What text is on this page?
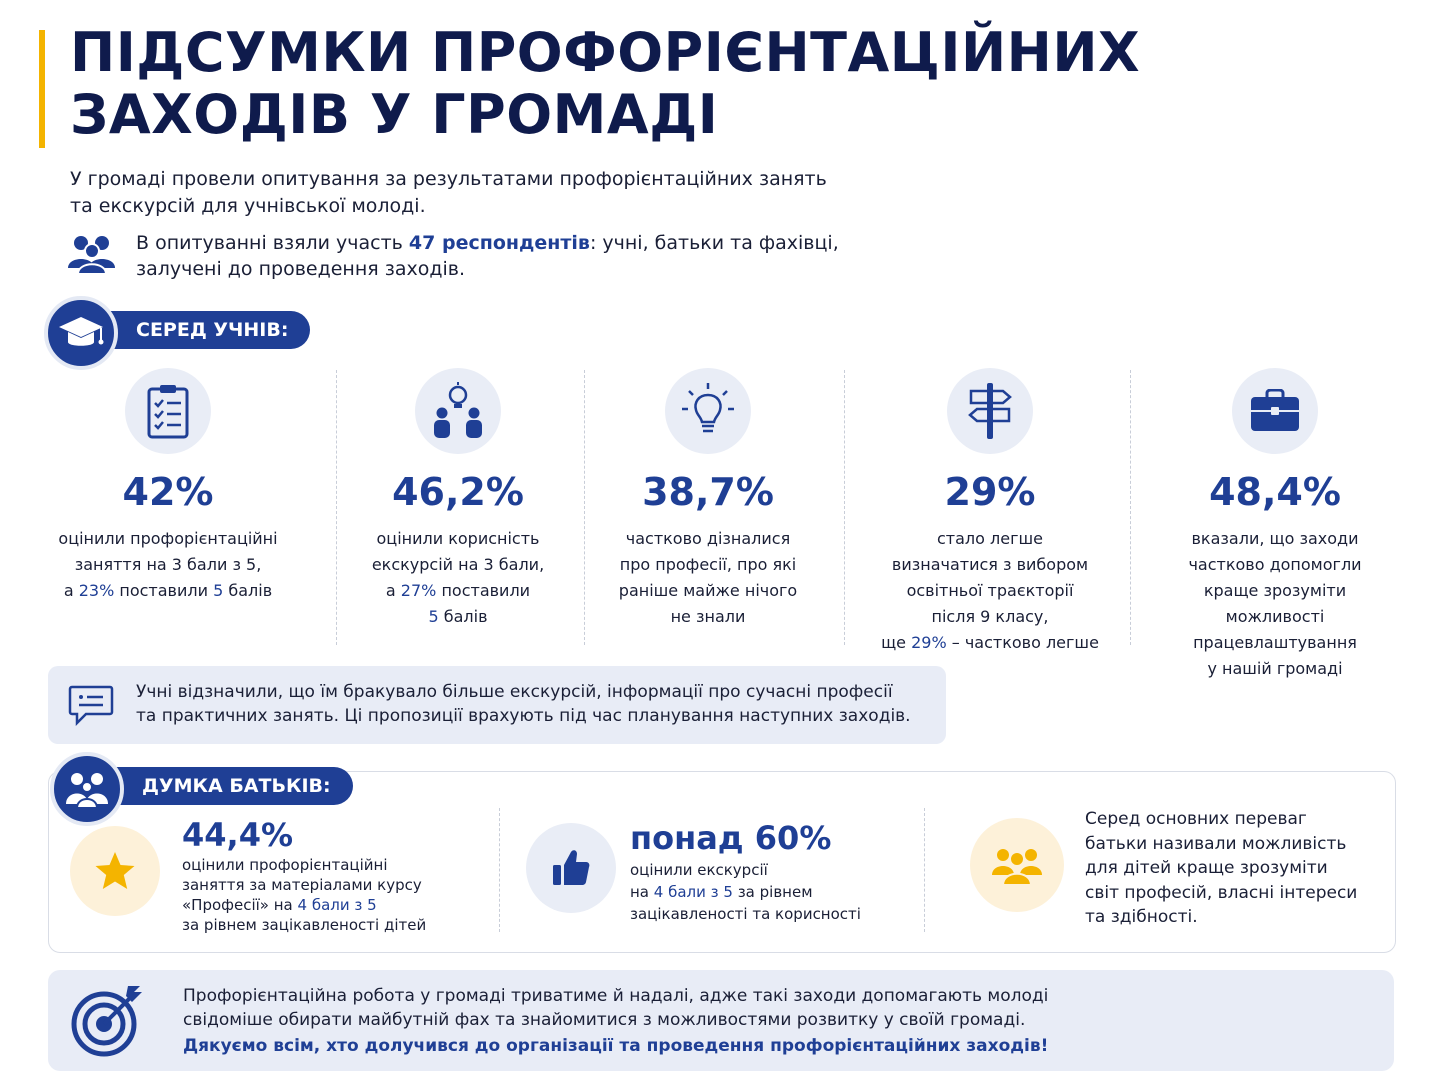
ПІДСУМКИ ПРОФОРІЄНТАЦІЙНИХ
ЗАХОДІВ У ГРОМАДІ
У громаді провели опитування за результатами профорієнтаційних занять
та екскурсій для учнівської молоді.
В опитуванні взяли участь 47 респондентів: учні, батьки та фахівці,
залучені до проведення заходів.
СЕРЕД УЧНІВ:
42%
оцінили профорієнтаційні
заняття на 3 бали з 5,
а 23% поставили 5 балів
46,2%
оцінили корисність
екскурсій на 3 бали,
а 27% поставили
5 балів
38,7%
частково дізналися
про професії, про які
раніше майже нічого
не знали
29%
стало легше
визначатися з вибором
освітньої траєкторії
після 9 класу,
ще 29% – частково легше
48,4%
вказали, що заходи
частково допомогли
краще зрозуміти
можливості
працевлаштування
у нашій громаді
Учні відзначили, що їм бракувало більше екскурсій, інформації про сучасні професії
та практичних занять. Ці пропозиції врахують під час планування наступних заходів.
ДУМКА БАТЬКІВ:
44,4%
оцінили профорієнтаційні
заняття за матеріалами курсу
«Професії» на 4 бали з 5
за рівнем зацікавленості дітей
понад 60%
оцінили екскурсії
на 4 бали з 5 за рівнем
зацікавленості та корисності
Серед основних переваг
батьки називали можливість
для дітей краще зрозуміти
світ професій, власні інтереси
та здібності.
Профорієнтаційна робота у громаді триватиме й надалі, адже такі заходи допомагають молоді
свідоміше обирати майбутній фах та знайомитися з можливостями розвитку у своїй громаді.
Дякуємо всім, хто долучився до організації та проведення профорієнтаційних заходів!
